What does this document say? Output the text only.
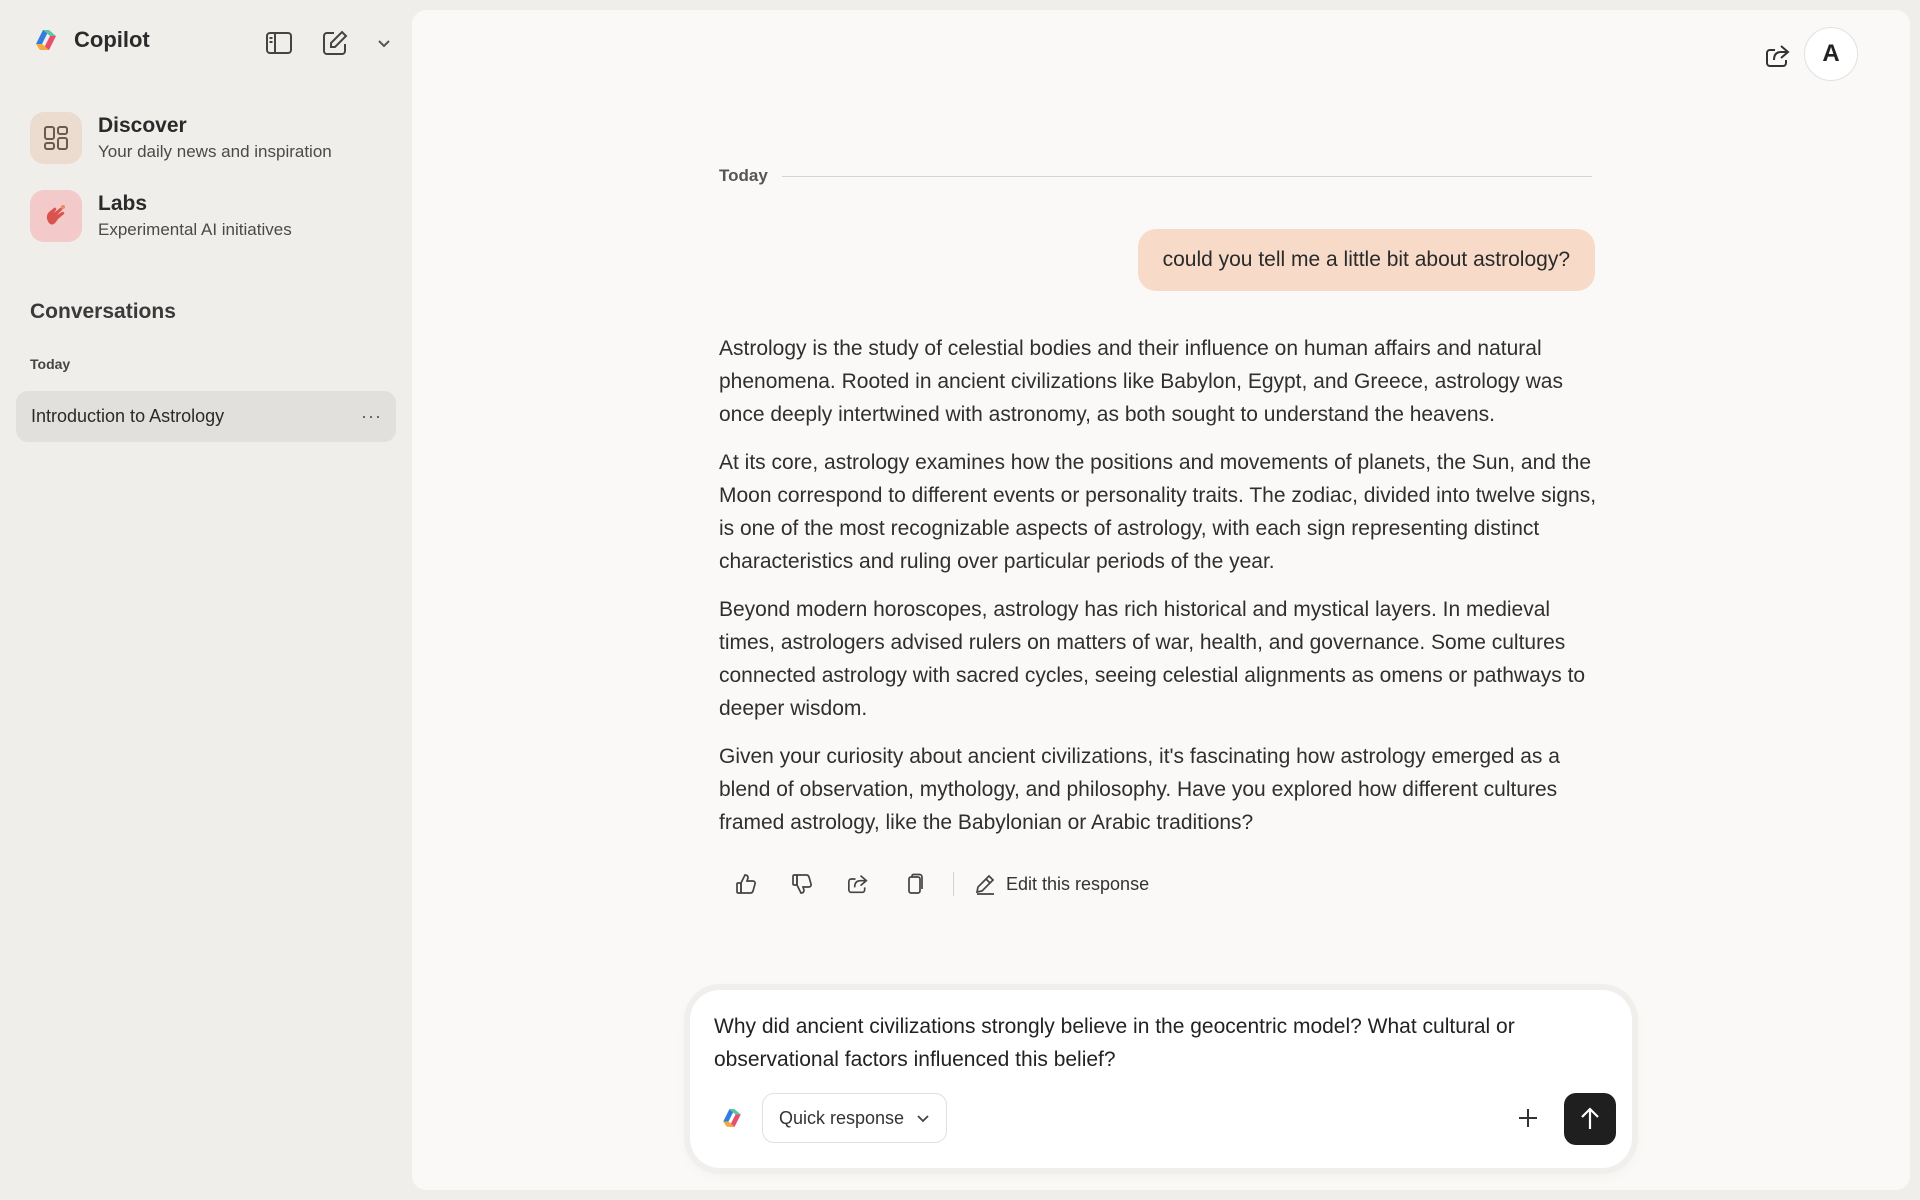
Copilot
Discover
Your daily news and inspiration
Labs
Experimental AI initiatives
Conversations
Today
Introduction to Astrology	···
A
Today
could you tell me a little bit about astrology?

Astrology is the study of celestial bodies and their influence on human affairs and natural phenomena. Rooted in ancient civilizations like Babylon, Egypt, and Greece, astrology was once deeply intertwined with astronomy, as both sought to understand the heavens.

At its core, astrology examines how the positions and movements of planets, the Sun, and the Moon correspond to different events or personality traits. The zodiac, divided into twelve signs, is one of the most recognizable aspects of astrology, with each sign representing distinct characteristics and ruling over particular periods of the year.

Beyond modern horoscopes, astrology has rich historical and mystical layers. In medieval times, astrologers advised rulers on matters of war, health, and governance. Some cultures connected astrology with sacred cycles, seeing celestial alignments as omens or pathways to deeper wisdom.

Given your curiosity about ancient civilizations, it's fascinating how astrology emerged as a blend of observation, mythology, and philosophy. Have you explored how different cultures framed astrology, like the Babylonian or Arabic traditions?

Edit this response
Why did ancient civilizations strongly believe in the geocentric model? What cultural or observational factors influenced this belief?
Quick response
